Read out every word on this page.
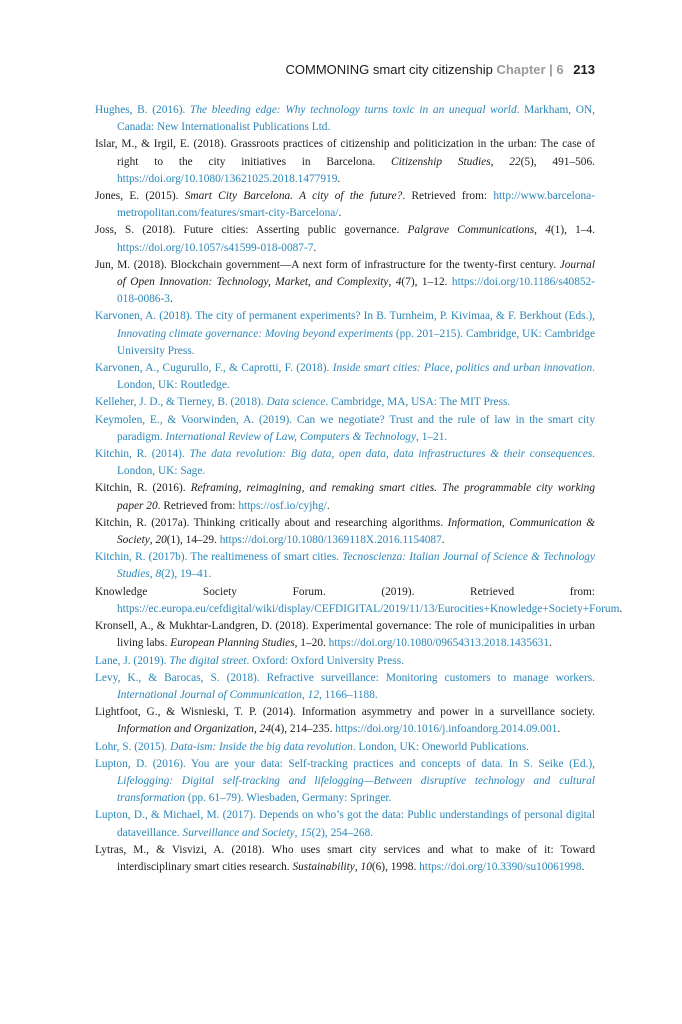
COMMONING smart city citizenship Chapter | 6 213

Hughes, B. (2016). The bleeding edge: Why technology turns toxic in an unequal world. Markham, ON, Canada: New Internationalist Publications Ltd.

Islar, M., & Irgil, E. (2018). Grassroots practices of citizenship and politicization in the urban: The case of right to the city initiatives in Barcelona. Citizenship Studies, 22(5), 491–506. https://doi.org/10.1080/13621025.2018.1477919.

Jones, E. (2015). Smart City Barcelona. A city of the future?. Retrieved from: http://www.barcelona-metropolitan.com/features/smart-city-Barcelona/.

Joss, S. (2018). Future cities: Asserting public governance. Palgrave Communications, 4(1), 1–4. https://doi.org/10.1057/s41599-018-0087-7.

Jun, M. (2018). Blockchain government—A next form of infrastructure for the twenty-first century. Journal of Open Innovation: Technology, Market, and Complexity, 4(7), 1–12. https://doi.org/10.1186/s40852-018-0086-3.

Karvonen, A. (2018). The city of permanent experiments? In B. Turnheim, P. Kivimaa, & F. Berkhout (Eds.), Innovating climate governance: Moving beyond experiments (pp. 201–215). Cambridge, UK: Cambridge University Press.

Karvonen, A., Cugurullo, F., & Caprotti, F. (2018). Inside smart cities: Place, politics and urban innovation. London, UK: Routledge.

Kelleher, J. D., & Tierney, B. (2018). Data science. Cambridge, MA, USA: The MIT Press.

Keymolen, E., & Voorwinden, A. (2019). Can we negotiate? Trust and the rule of law in the smart city paradigm. International Review of Law, Computers & Technology, 1–21.

Kitchin, R. (2014). The data revolution: Big data, open data, data infrastructures & their consequences. London, UK: Sage.

Kitchin, R. (2016). Reframing, reimagining, and remaking smart cities. The programmable city working paper 20. Retrieved from: https://osf.io/cyjhg/.

Kitchin, R. (2017a). Thinking critically about and researching algorithms. Information, Communication & Society, 20(1), 14–29. https://doi.org/10.1080/1369118X.2016.1154087.

Kitchin, R. (2017b). The realtimeness of smart cities. Tecnoscienza: Italian Journal of Science & Technology Studies, 8(2), 19–41.

Knowledge Society Forum. (2019). Retrieved from: https://ec.europa.eu/cefdigital/wiki/display/CEFDIGITAL/2019/11/13/Eurocities+Knowledge+Society+Forum.

Kronsell, A., & Mukhtar-Landgren, D. (2018). Experimental governance: The role of municipalities in urban living labs. European Planning Studies, 1–20. https://doi.org/10.1080/09654313.2018.1435631.

Lane, J. (2019). The digital street. Oxford: Oxford University Press.

Levy, K., & Barocas, S. (2018). Refractive surveillance: Monitoring customers to manage workers. International Journal of Communication, 12, 1166–1188.

Lightfoot, G., & Wisnieski, T. P. (2014). Information asymmetry and power in a surveillance society. Information and Organization, 24(4), 214–235. https://doi.org/10.1016/j.infoandorg.2014.09.001.

Lohr, S. (2015). Data-ism: Inside the big data revolution. London, UK: Oneworld Publications.

Lupton, D. (2016). You are your data: Self-tracking practices and concepts of data. In S. Seike (Ed.), Lifelogging: Digital self-tracking and lifelogging—Between disruptive technology and cultural transformation (pp. 61–79). Wiesbaden, Germany: Springer.

Lupton, D., & Michael, M. (2017). Depends on who’s got the data: Public understandings of personal digital dataveillance. Surveillance and Society, 15(2), 254–268.

Lytras, M., & Visvizi, A. (2018). Who uses smart city services and what to make of it: Toward interdisciplinary smart cities research. Sustainability, 10(6), 1998. https://doi.org/10.3390/su10061998.
